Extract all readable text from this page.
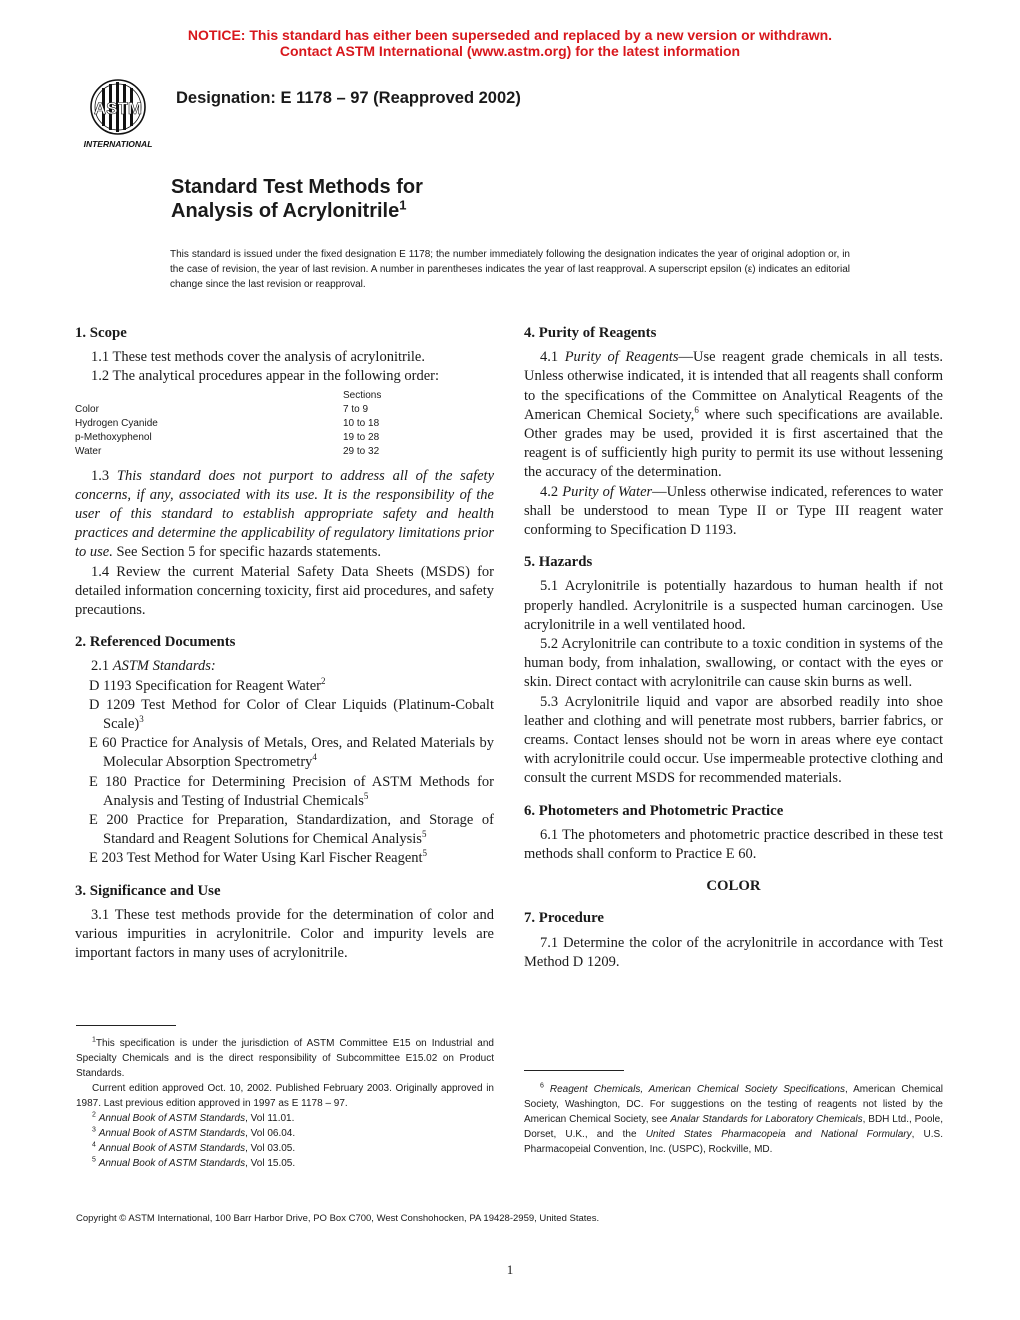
NOTICE: This standard has either been superseded and replaced by a new version or withdrawn.
Contact ASTM International (www.astm.org) for the latest information
ASTM
INTERNATIONAL
Designation: E 1178 – 97 (Reapproved 2002)
Standard Test Methods for
Analysis of Acrylonitrile$^1$
This standard is issued under the fixed designation E 1178; the number immediately following the designation indicates the year of original adoption or, in the case of revision, the year of last revision. A number in parentheses indicates the year of last reapproval. A superscript epsilon (ε) indicates an editorial change since the last revision or reapproval.
1. Scope

1.1 These test methods cover the analysis of acrylonitrile.

1.2 The analytical procedures appear in the following order:

Sections
Color	7 to 9
Hydrogen Cyanide	10 to 18
p-Methoxyphenol	19 to 28
Water	29 to 32

1.3 This standard does not purport to address all of the safety concerns, if any, associated with its use. It is the responsibility of the user of this standard to establish appropriate safety and health practices and determine the applicability of regulatory limitations prior to use. See Section 5 for specific hazards statements.

1.4 Review the current Material Safety Data Sheets (MSDS) for detailed information concerning toxicity, first aid procedures, and safety precautions.

2. Referenced Documents

2.1 ASTM Standards:

D 1193 Specification for Reagent Water$^2$

D 1209 Test Method for Color of Clear Liquids (Platinum-Cobalt Scale)$^3$

E 60 Practice for Analysis of Metals, Ores, and Related Materials by Molecular Absorption Spectrometry$^4$

E 180 Practice for Determining Precision of ASTM Methods for Analysis and Testing of Industrial Chemicals$^5$

E 200 Practice for Preparation, Standardization, and Storage of Standard and Reagent Solutions for Chemical Analysis$^5$

E 203 Test Method for Water Using Karl Fischer Reagent$^5$

3. Significance and Use

3.1 These test methods provide for the determination of color and various impurities in acrylonitrile. Color and impurity levels are important factors in many uses of acrylonitrile.

$^1$This specification is under the jurisdiction of ASTM Committee E15 on Industrial and Specialty Chemicals and is the direct responsibility of Subcommittee E15.02 on Product Standards.

Current edition approved Oct. 10, 2002. Published February 2003. Originally approved in 1987. Last previous edition approved in 1997 as E 1178 – 97.

$^2$ Annual Book of ASTM Standards, Vol 11.01.

$^3$ Annual Book of ASTM Standards, Vol 06.04.

$^4$ Annual Book of ASTM Standards, Vol 03.05.

$^5$ Annual Book of ASTM Standards, Vol 15.05.

4. Purity of Reagents

4.1 Purity of Reagents—Use reagent grade chemicals in all tests. Unless otherwise indicated, it is intended that all reagents shall conform to the specifications of the Committee on Analytical Reagents of the American Chemical Society,$^6$ where such specifications are available. Other grades may be used, provided it is first ascertained that the reagent is of sufficiently high purity to permit its use without lessening the accuracy of the determination.

4.2 Purity of Water—Unless otherwise indicated, references to water shall be understood to mean Type II or Type III reagent water conforming to Specification D 1193.

5. Hazards

5.1 Acrylonitrile is potentially hazardous to human health if not properly handled. Acrylonitrile is a suspected human carcinogen. Use acrylonitrile in a well ventilated hood.

5.2 Acrylonitrile can contribute to a toxic condition in systems of the human body, from inhalation, swallowing, or contact with the eyes or skin. Direct contact with acrylonitrile can cause skin burns as well.

5.3 Acrylonitrile liquid and vapor are absorbed readily into shoe leather and clothing and will penetrate most rubbers, barrier fabrics, or creams. Contact lenses should not be worn in areas where eye contact with acrylonitrile could occur. Use impermeable protective clothing and consult the current MSDS for recommended materials.

6. Photometers and Photometric Practice

6.1 The photometers and photometric practice described in these test methods shall conform to Practice E 60.

COLOR
7. Procedure

7.1 Determine the color of the acrylonitrile in accordance with Test Method D 1209.

$^6$ Reagent Chemicals, American Chemical Society Specifications, American Chemical Society, Washington, DC. For suggestions on the testing of reagents not listed by the American Chemical Society, see Analar Standards for Laboratory Chemicals, BDH Ltd., Poole, Dorset, U.K., and the United States Pharmacopeia and National Formulary, U.S. Pharmacopeial Convention, Inc. (USPC), Rockville, MD.

Copyright © ASTM International, 100 Barr Harbor Drive, PO Box C700, West Conshohocken, PA 19428-2959, United States.
1
